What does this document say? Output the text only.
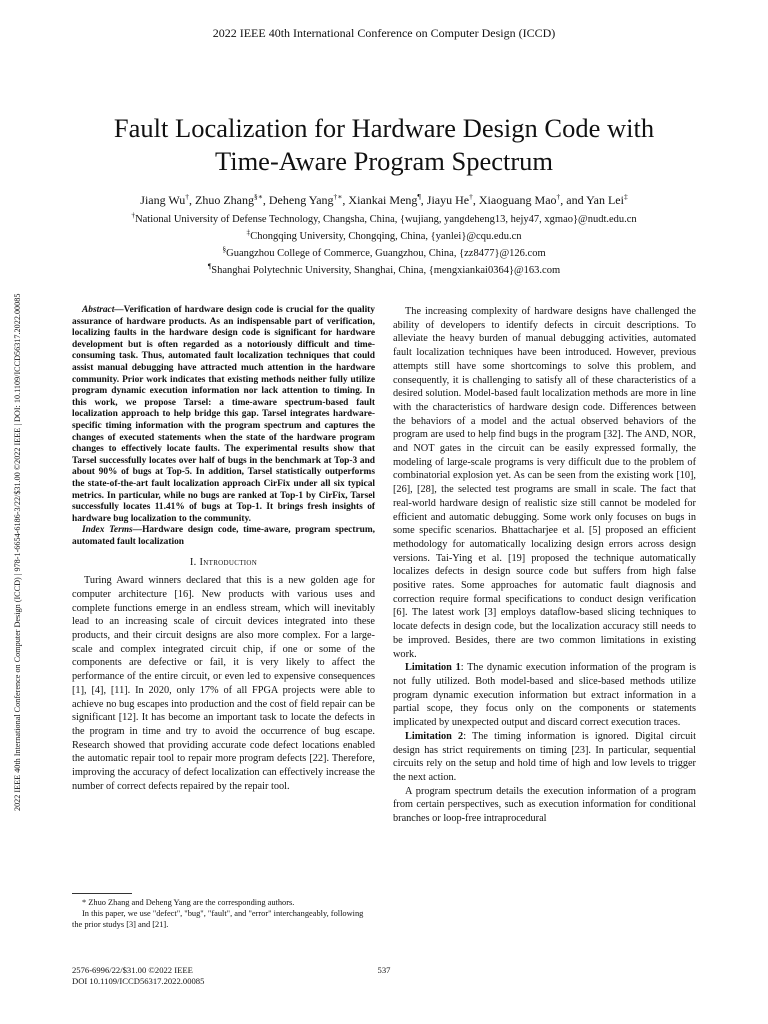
2022 IEEE 40th International Conference on Computer Design (ICCD)
Fault Localization for Hardware Design Code with
Time-Aware Program Spectrum
Jiang Wu†, Zhuo Zhang§∗, Deheng Yang†∗, Xiankai Meng¶, Jiayu He†, Xiaoguang Mao†, and Yan Lei‡
†National University of Defense Technology, Changsha, China, {wujiang, yangdeheng13, hejy47, xgmao}@nudt.edu.cn
‡Chongqing University, Chongqing, China, {yanlei}@cqu.edu.cn
§Guangzhou College of Commerce, Guangzhou, China, {zz8477}@126.com
¶Shanghai Polytechnic University, Shanghai, China, {mengxiankai0364}@163.com
2022 IEEE 40th International Conference on Computer Design (ICCD) | 978-1-6654-6186-3/22/$31.00 ©2022 IEEE | DOI: 10.1109/ICCD56317.2022.00085	Abstract—Verification of hardware design code is crucial for the quality assurance of hardware products. As an indispensable part of verification, localizing faults in the hardware design code is significant for hardware development but is often regarded as a notoriously difficult and time-consuming task. Thus, automated fault localization techniques that could assist manual debugging have attracted much attention in the hardware community. Prior work indicates that existing methods neither fully utilize program dynamic execution information nor lack attention to timing. In this work, we propose Tarsel: a time-aware spectrum-based fault localization approach to help bridge this gap. Tarsel integrates hardware-specific timing information with the program spectrum and captures the changes of executed statements when the state of the hardware program changes to effectively locate faults. The experimental results show that Tarsel successfully locates over half of bugs in the benchmark at Top-3 and about 90% of bugs at Top-5. In addition, Tarsel statistically outperforms the state-of-the-art fault localization approach CirFix under all six typical metrics. In particular, while no bugs are ranked at Top-1 by CirFix, Tarsel successfully locates 11.41% of bugs at Top-1. It brings fresh insights of hardware bug localization to the community.
Index Terms—Hardware design code, time-aware, program spectrum, automated fault localization
I. Introduction

Turing Award winners declared that this is a new golden age for computer architecture [16]. New products with various uses and complete functions emerge in an endless stream, which will inevitably lead to an increasing scale of circuit devices integrated into these products, and their circuit designs are also more complex. For a large-scale and complex integrated circuit chip, if one or some of the components are defective or fail, it is very likely to affect the performance of the entire circuit, or even led to expensive consequences [1], [4], [11]. In 2020, only 17% of all FPGA projects were able to achieve no bug escapes into production and the cost of field repair can be significant [12]. It has become an important task to locate the defects in the program in time and try to avoid the occurrence of bug escape. Research showed that providing accurate code defect locations enabled the automatic repair tool to repair more program defects [22]. Therefore, improving the accuracy of defect localization can effectively increase the number of correct defects repaired by the repair tool.

* Zhuo Zhang and Deheng Yang are the corresponding authors.
In this paper, we use "defect", "bug", "fault", and "error" interchangeably, following the prior studys [3] and [21].

The increasing complexity of hardware designs have challenged the ability of developers to identify defects in circuit descriptions. To alleviate the heavy burden of manual debugging activities, automated fault localization techniques have been introduced. However, previous attempts still have some shortcomings to solve this problem, and consequently, it is challenging to satisfy all of these characteristics of a desired solution. Model-based fault localization methods are more in line with the characteristics of hardware design code. Differences between the behaviors of a model and the actual observed behaviors of the program are used to help find bugs in the program [32]. The AND, NOR, and NOT gates in the circuit can be easily expressed formally, the modeling of large-scale programs is very difficult due to the problem of combinatorial explosion yet. As can be seen from the existing work [10], [26], [28], the selected test programs are small in scale. The fact that real-world hardware design of realistic size still cannot be modeled for efficient and automatic debugging. Some work only focuses on bugs in some specific scenarios. Bhattacharjee et al. [5] proposed an efficient methodology for automatically localizing design errors across design versions. Tai-Ying et al. [19] proposed the technique automatically localizes defects in design source code but suffers from high false positive rates. Some approaches for automatic fault diagnosis and correction require formal specifications to conduct design verification [6]. The latest work [3] employs dataflow-based slicing techniques to locate defects in design code, but the localization accuracy still needs to be improved. Besides, there are two common limitations in existing work.

Limitation 1: The dynamic execution information of the program is not fully utilized. Both model-based and slice-based methods utilize program dynamic execution information but extract information in a partial scope, they focus only on the components or statements implicated by unexpected output and discard correct execution traces.

Limitation 2: The timing information is ignored. Digital circuit design has strict requirements on timing [23]. In particular, sequential circuits rely on the setup and hold time of high and low levels to trigger the next action.

A program spectrum details the execution information of a program from certain perspectives, such as execution information for conditional branches or loop-free intraprocedural

2576-6996/22/$31.00 ©2022 IEEE
DOI 10.1109/ICCD56317.2022.00085
537
